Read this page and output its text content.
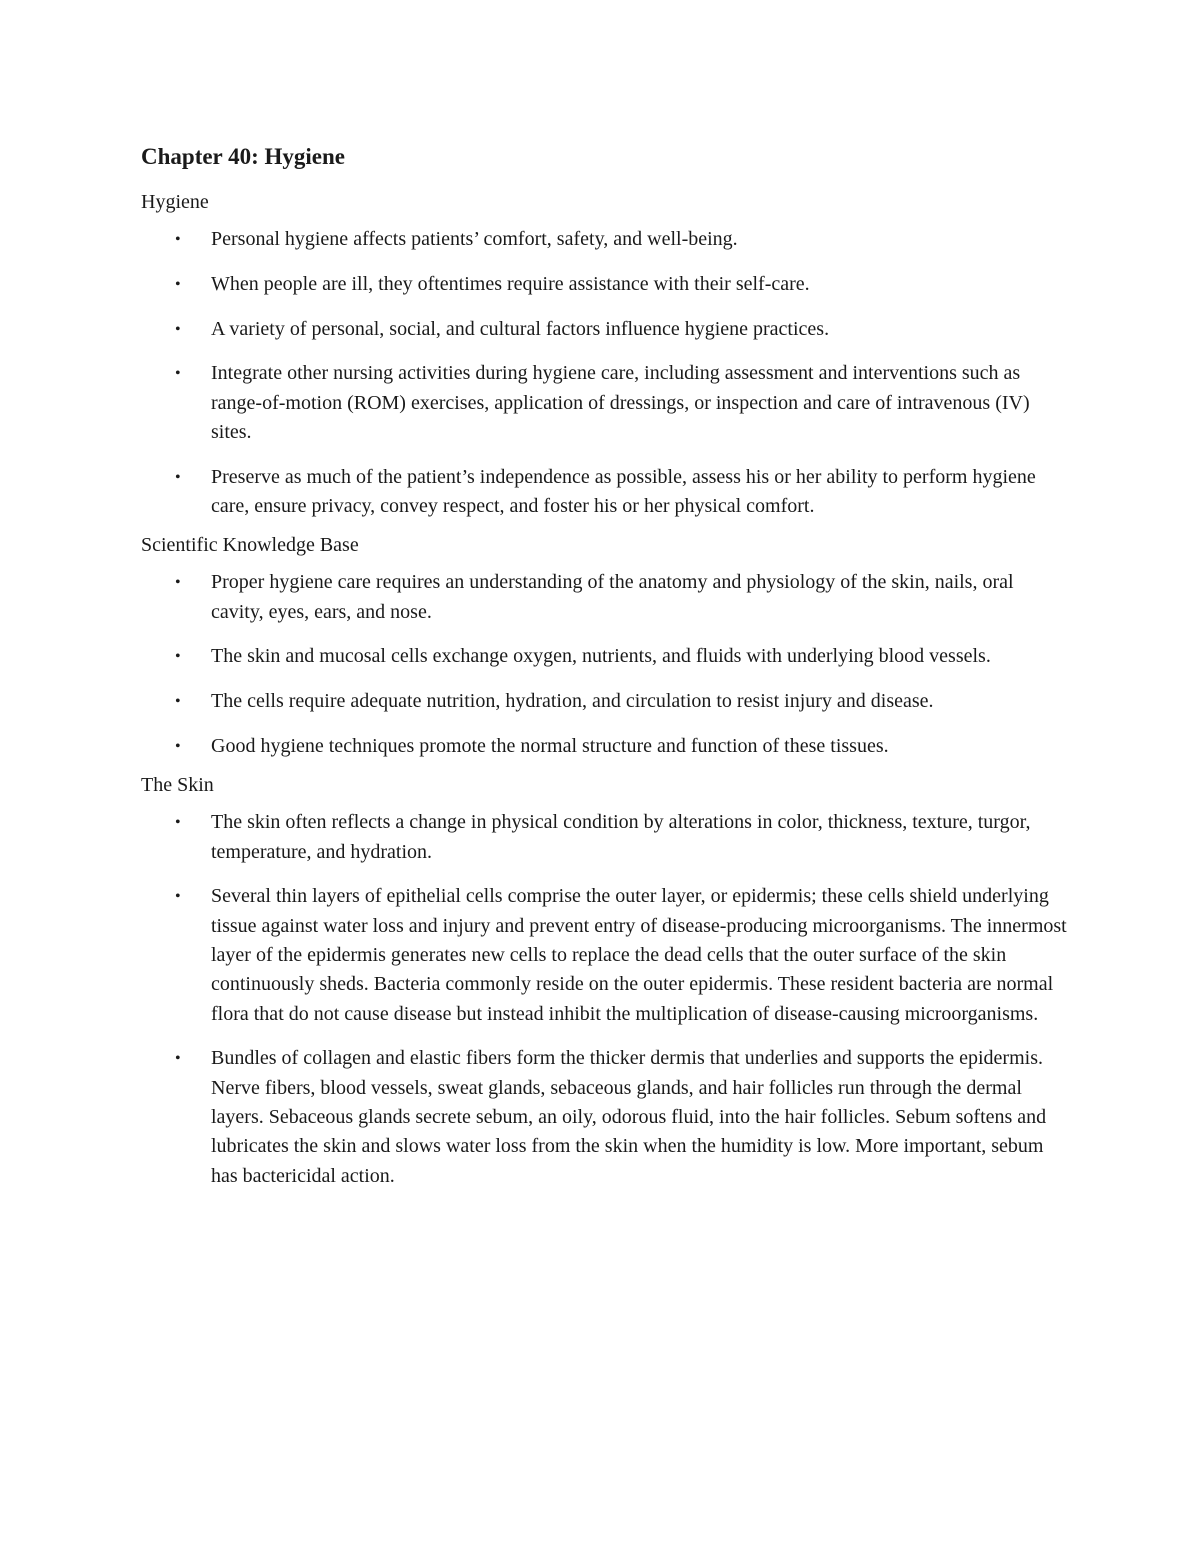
Chapter 40: Hygiene
Hygiene
• Personal hygiene affects patients’ comfort, safety, and well-being.
• When people are ill, they oftentimes require assistance with their self-care.
• A variety of personal, social, and cultural factors influence hygiene practices.
• Integrate other nursing activities during hygiene care, including assessment and interventions such as range-of-motion (ROM) exercises, application of dressings, or inspection and care of intravenous (IV) sites.
• Preserve as much of the patient’s independence as possible, assess his or her ability to perform hygiene care, ensure privacy, convey respect, and foster his or her physical comfort.
Scientific Knowledge Base
• Proper hygiene care requires an understanding of the anatomy and physiology of the skin, nails, oral cavity, eyes, ears, and nose.
• The skin and mucosal cells exchange oxygen, nutrients, and fluids with underlying blood vessels.
• The cells require adequate nutrition, hydration, and circulation to resist injury and disease.
• Good hygiene techniques promote the normal structure and function of these tissues.
The Skin
• The skin often reflects a change in physical condition by alterations in color, thickness, texture, turgor, temperature, and hydration.
• Several thin layers of epithelial cells comprise the outer layer, or epidermis; these cells shield underlying tissue against water loss and injury and prevent entry of disease-producing microorganisms. The innermost layer of the epidermis generates new cells to replace the dead cells that the outer surface of the skin continuously sheds. Bacteria commonly reside on the outer epidermis. These resident bacteria are normal flora that do not cause disease but instead inhibit the multiplication of disease-causing microorganisms.
• Bundles of collagen and elastic fibers form the thicker dermis that underlies and supports the epidermis. Nerve fibers, blood vessels, sweat glands, sebaceous glands, and hair follicles run through the dermal layers. Sebaceous glands secrete sebum, an oily, odorous fluid, into the hair follicles. Sebum softens and lubricates the skin and slows water loss from the skin when the humidity is low. More important, sebum has bactericidal action.
